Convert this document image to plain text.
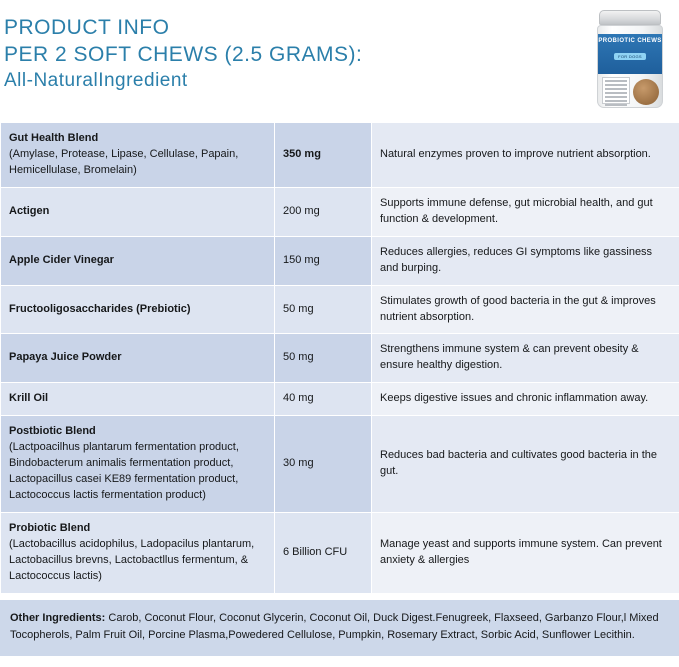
PRODUCT INFO
PER 2 SOFT CHEWS (2.5 GRAMS):
All-NaturalIngredient
PROBIOTIC CHEWS
FOR DOGS
Gut Health Blend
(Amylase, Protease, Lipase, Cellulase, Papain, Hemicellulase, Bromelain)	350 mg	Natural enzymes proven to improve nutrient absorption.
Actigen	200 mg	Supports immune defense, gut microbial health, and gut function & development.
Apple Cider Vinegar	150 mg	Reduces allergies, reduces GI symptoms like gassiness and burping.
Fructooligosaccharides (Prebiotic)	50 mg	Stimulates growth of good bacteria in the gut & improves nutrient absorption.
Papaya Juice Powder	50 mg	Strengthens immune system & can prevent obesity & ensure healthy digestion.
Krill Oil	40 mg	Keeps digestive issues and chronic inflammation away.
Postbiotic Blend
(Lactpoacilhus plantarum fermentation product, Bindobacterum animalis fermentation product, Lactopacillus casei KE89 fermentation product, Lactococcus lactis fermentation product)	30 mg	Reduces bad bacteria and cultivates good bacteria in the gut.
Probiotic Blend
(Lactobacillus acidophilus, Ladopacilus plantarum, Lactobacillus brevns, Lactobactllus fermentum, & Lactococcus lactis)	6 Billion CFU	Manage yeast and supports immune system. Can prevent anxiety & allergies
Other Ingredients: Carob, Coconut Flour, Coconut Glycerin, Coconut Oil, Duck Digest.Fenugreek, Flaxseed, Garbanzo Flour,l Mixed Tocopherols, Palm Fruit Oil, Porcine Plasma,Powedered Cellulose, Pumpkin, Rosemary Extract, Sorbic Acid, Sunflower Lecithin.
